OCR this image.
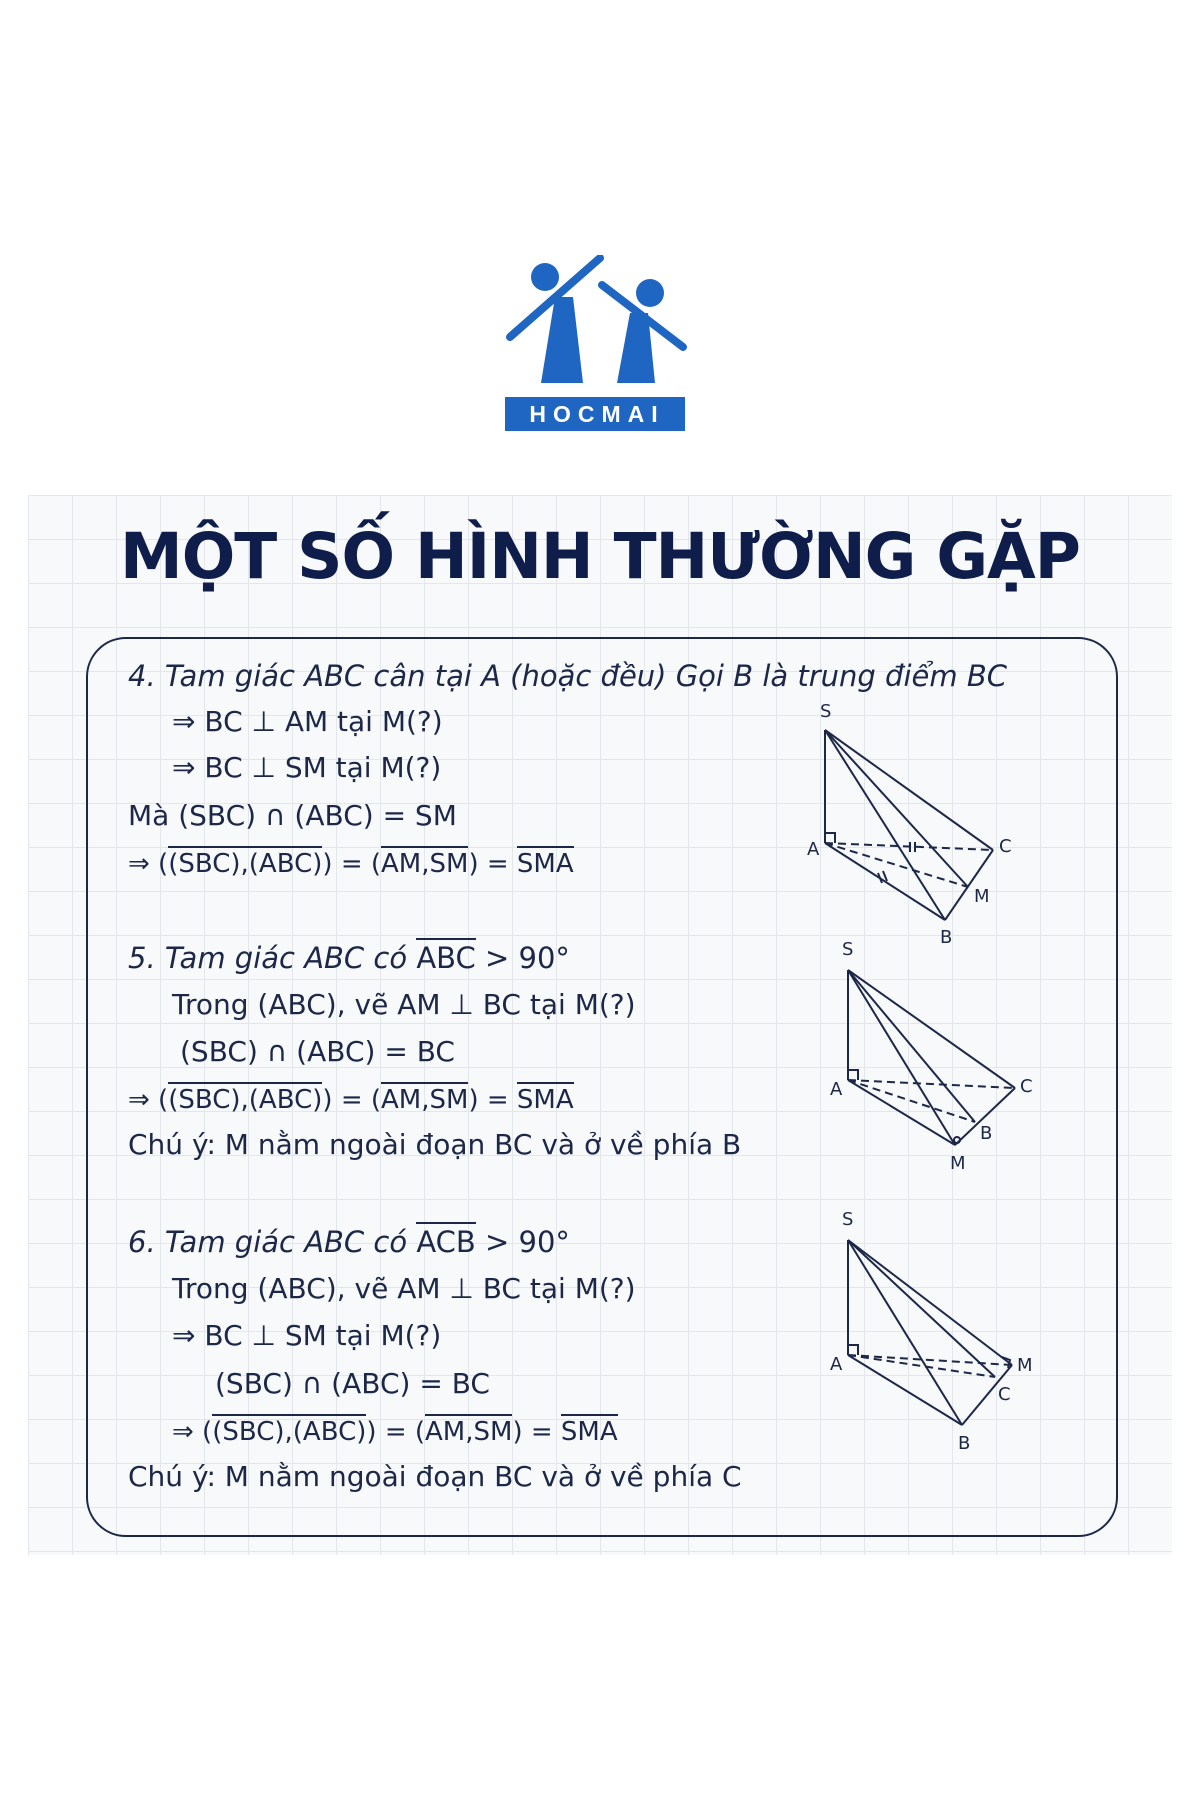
HOCMAI
MỘT SỐ HÌNH THƯỜNG GẶP
4. Tam giác ABC cân tại A (hoặc đều) Gọi B là trung điểm BC
⇒ BC ⊥ AM tại M(?)
⇒ BC ⊥ SM tại M(?)
Mà (SBC) ∩ (ABC) = SM
⇒ ((SBC),(ABC)) = (AM,SM) = SMA
S
A
B
C
M
5. Tam giác ABC có ABC > 90°
Trong (ABC), vẽ AM ⊥ BC tại M(?)
(SBC) ∩ (ABC) = BC
⇒ ((SBC),(ABC)) = (AM,SM) = SMA
Chú ý: M nằm ngoài đoạn BC và ở về phía B
S
A
B
C
M
6. Tam giác ABC có ACB > 90°
Trong (ABC), vẽ AM ⊥ BC tại M(?)
⇒ BC ⊥ SM tại M(?)
(SBC) ∩ (ABC) = BC
⇒ ((SBC),(ABC)) = (AM,SM) = SMA
Chú ý: M nằm ngoài đoạn BC và ở về phía C
S
A
B
C
M
